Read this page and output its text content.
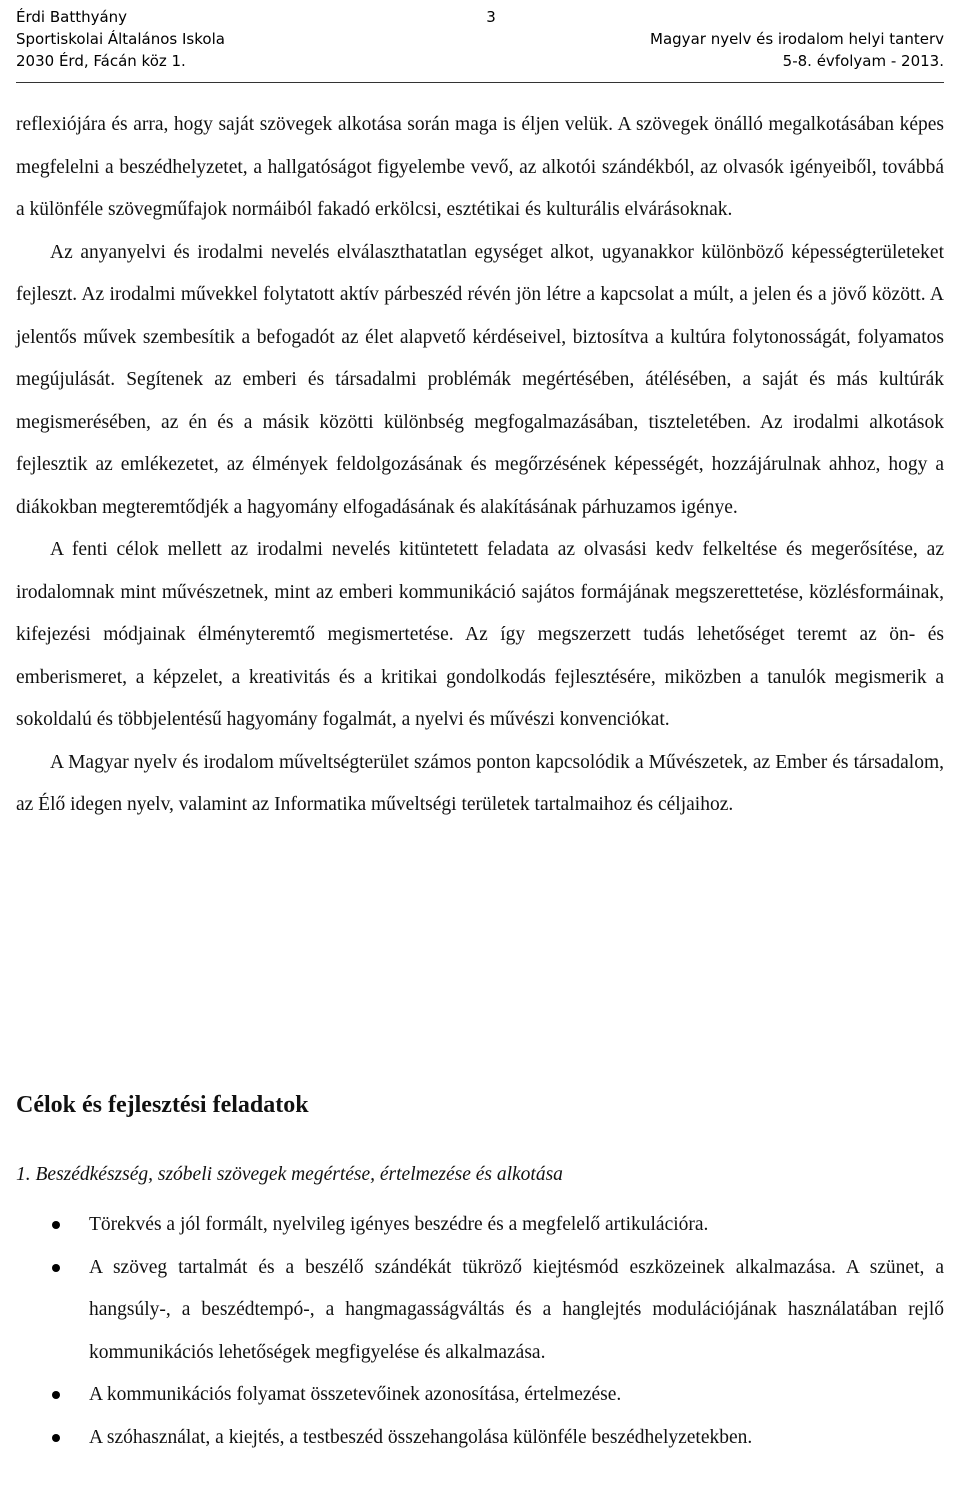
Érdi Batthyány
Sportiskolai Általános Iskola
2030 Érd, Fácán köz 1.
3
Magyar nyelv és irodalom helyi tanterv
5-8. évfolyam - 2013.

reflexiójára és arra, hogy saját szövegek alkotása során maga is éljen velük. A szövegek önálló megalkotásában képes megfelelni a beszédhelyzetet, a hallgatóságot figyelembe vevő, az alkotói szándékból, az olvasók igényeiből, továbbá a különféle szövegműfajok normáiból fakadó erkölcsi, esztétikai és kulturális elvárásoknak.

Az anyanyelvi és irodalmi nevelés elválaszthatatlan egységet alkot, ugyanakkor különböző képességterületeket fejleszt. Az irodalmi művekkel folytatott aktív párbeszéd révén jön létre a kapcsolat a múlt, a jelen és a jövő között. A jelentős művek szembesítik a befogadót az élet alapvető kérdéseivel, biztosítva a kultúra folytonosságát, folyamatos megújulását. Segítenek az emberi és társadalmi problémák megértésében, átélésében, a saját és más kultúrák megismerésében, az én és a másik közötti különbség megfogalmazásában, tiszteletében. Az irodalmi alkotások fejlesztik az emlékezetet, az élmények feldolgozásának és megőrzésének képességét, hozzájárulnak ahhoz, hogy a diákokban megteremtődjék a hagyomány elfogadásának és alakításának párhuzamos igénye.

A fenti célok mellett az irodalmi nevelés kitüntetett feladata az olvasási kedv felkeltése és megerősítése, az irodalomnak mint művészetnek, mint az emberi kommunikáció sajátos formájának megszerettetése, közlésformáinak, kifejezési módjainak élményteremtő megismertetése. Az így megszerzett tudás lehetőséget teremt az ön- és emberismeret, a képzelet, a kreativitás és a kritikai gondolkodás fejlesztésére, miközben a tanulók megismerik a sokoldalú és többjelentésű hagyomány fogalmát, a nyelvi és művészi konvenciókat.

A Magyar nyelv és irodalom műveltségterület számos ponton kapcsolódik a Művészetek, az Ember és társadalom, az Élő idegen nyelv, valamint az Informatika műveltségi területek tartalmaihoz és céljaihoz.

Célok és fejlesztési feladatok

1. Beszédkészség, szóbeli szövegek megértése, értelmezése és alkotása

Törekvés a jól formált, nyelvileg igényes beszédre és a megfelelő artikulációra.
A szöveg tartalmát és a beszélő szándékát tükröző kiejtésmód eszközeinek alkalmazása. A szünet, a hangsúly-, a beszédtempó-, a hangmagasságváltás és a hanglejtés modulációjának használatában rejlő kommunikációs lehetőségek megfigyelése és alkalmazása.
A kommunikációs folyamat összetevőinek azonosítása, értelmezése.
A szóhasználat, a kiejtés, a testbeszéd összehangolása különféle beszédhelyzetekben.
